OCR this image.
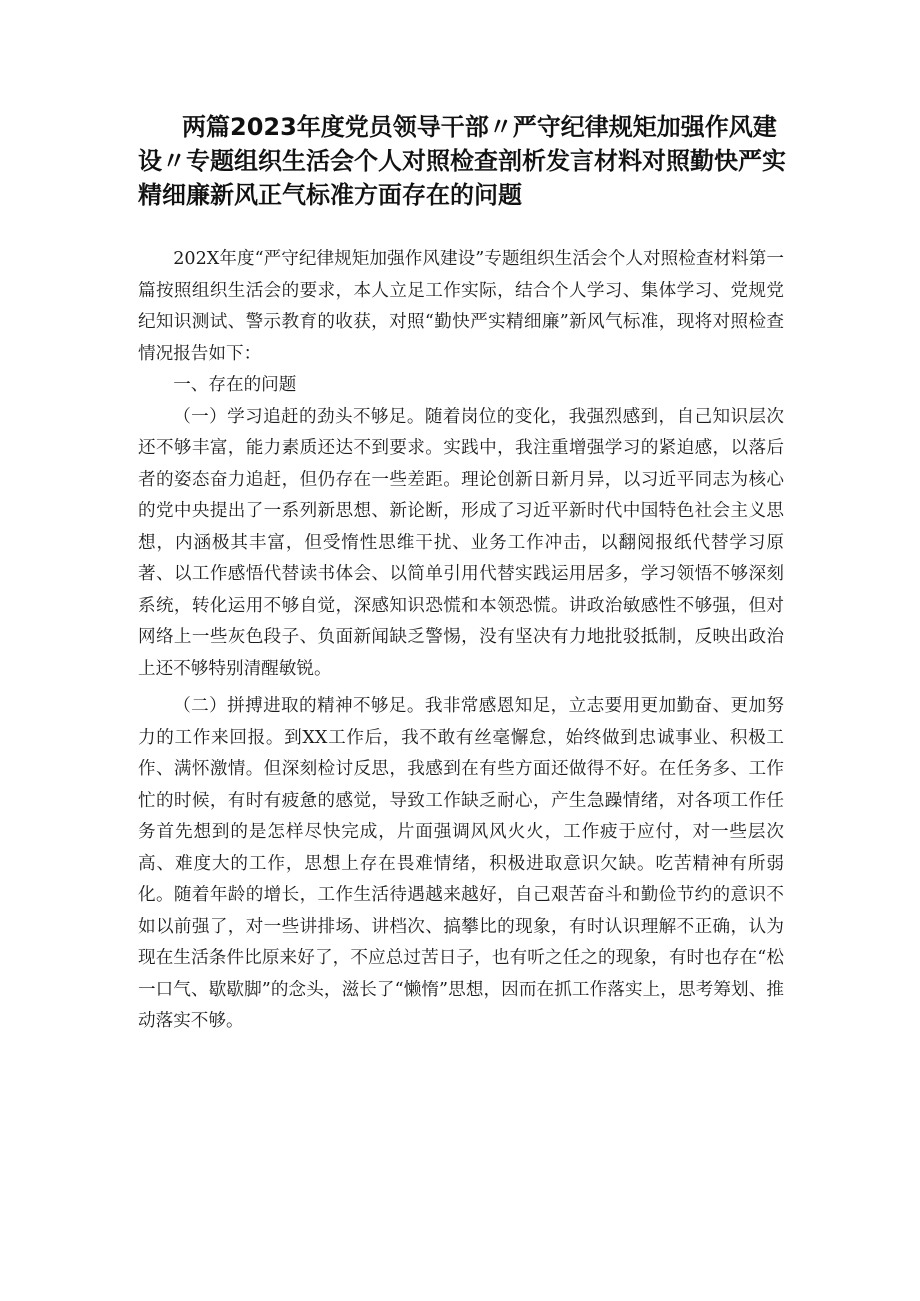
两篇2023年度党员领导干部〃严守纪律规矩加强作风建设〃专题组织生活会个人对照检查剖析发言材料对照勤快严实精细廉新风正气标准方面存在的问题

202X年度“严守纪律规矩加强作风建设”专题组织生活会个人对照检查材料第一篇按照组织生活会的要求，本人立足工作实际，结合个人学习、集体学习、党规党纪知识测试、警示教育的收获，对照“勤快严实精细廉”新风气标准，现将对照检查情况报告如下：

一、存在的问题

（一）学习追赶的劲头不够足。随着岗位的变化，我强烈感到，自己知识层次还不够丰富，能力素质还达不到要求。实践中，我注重增强学习的紧迫感，以落后者的姿态奋力追赶，但仍存在一些差距。理论创新日新月异，以习近平同志为核心的党中央提出了一系列新思想、新论断，形成了习近平新时代中国特色社会主义思想，内涵极其丰富，但受惰性思维干扰、业务工作冲击，以翻阅报纸代替学习原著、以工作感悟代替读书体会、以简单引用代替实践运用居多，学习领悟不够深刻系统，转化运用不够自觉，深感知识恐慌和本领恐慌。讲政治敏感性不够强，但对网络上一些灰色段子、负面新闻缺乏警惕，没有坚决有力地批驳抵制，反映出政治上还不够特别清醒敏锐。

（二）拼搏进取的精神不够足。我非常感恩知足，立志要用更加勤奋、更加努力的工作来回报。到XX工作后，我不敢有丝毫懈怠，始终做到忠诚事业、积极工作、满怀激情。但深刻检讨反思，我感到在有些方面还做得不好。在任务多、工作忙的时候，有时有疲惫的感觉，导致工作缺乏耐心，产生急躁情绪，对各项工作任务首先想到的是怎样尽快完成，片面强调风风火火，工作疲于应付，对一些层次高、难度大的工作，思想上存在畏难情绪，积极进取意识欠缺。吃苦精神有所弱化。随着年龄的增长，工作生活待遇越来越好，自己艰苦奋斗和勤俭节约的意识不如以前强了，对一些讲排场、讲档次、搞攀比的现象，有时认识理解不正确，认为现在生活条件比原来好了，不应总过苦日子，也有听之任之的现象，有时也存在“松一口气、歇歇脚”的念头，滋长了“懒惰”思想，因而在抓工作落实上，思考筹划、推动落实不够。
